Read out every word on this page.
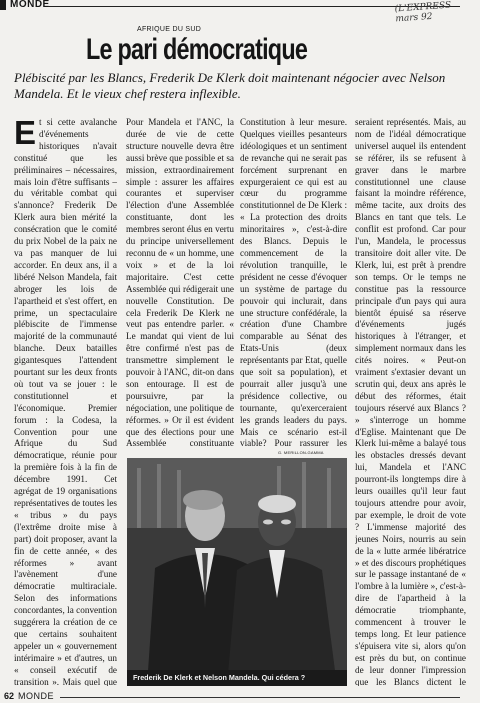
MONDE	(L'EXPRESS mars 92
AFRIQUE DU SUD
Le pari démocratique
Plébiscité par les Blancs, Frederik De Klerk doit maintenant négocier avec Nelson Mandela. Et le vieux chef restera inflexible.
Et si cette avalanche d'événements historiques n'avait constitué que les préliminaires – nécessaires, mais loin d'être suffisants – du véritable combat qui s'annonce? Frederik De Klerk aura bien mérité la consécration que le comité du prix Nobel de la paix ne va pas manquer de lui accorder. En deux ans, il a libéré Nelson Mandela, fait abroger les lois de l'apartheid et s'est offert, en prime, un spectaculaire plébiscite de l'immense majorité de la communauté blanche. Deux batailles gigantesques l'attendent pourtant sur les deux fronts où tout va se jouer : le constitutionnel et l'économique. Premier forum : la Codesa, la Convention pour une Afrique du Sud démocratique, réunie pour la première fois à la fin de décembre 1991. Cet agrégat de 19 organisations représentatives de toutes les « tribus » du pays (l'extrême droite mise à part) doit proposer, avant la fin de cette année, « des réformes » avant l'avènement d'une démocratie multiraciale. Selon des informations concordantes, la convention suggérera la création de ce que certains souhaitent appeler un « gouvernement intérimaire » et d'autres, un « conseil exécutif de transition ». Mais quel que
Pour Mandela et l'ANC, la durée de vie de cette structure nouvelle devra être aussi brève que possible et sa mission, extraordinairement simple : assurer les affaires courantes et superviser l'élection d'une Assemblée constituante, dont les membres seront élus en vertu du principe universellement reconnu de « un homme, une voix » et de la loi majoritaire. C'est cette Assemblée qui rédigerait une nouvelle Constitution. De cela Frederik De Klerk ne veut pas entendre parler. « Le mandat qui vient de lui être confirmé n'est pas de transmettre simplement le pouvoir à l'ANC, dit-on dans son entourage. Il est de poursuivre, par la négociation, une politique de réformes. » Or il est évident que des élections pour une Assemblée constituante
Constitution à leur mesure. Quelques vieilles pesanteurs idéologiques et un sentiment de revanche qui ne serait pas forcément surprenant en expurgeraient ce qui est au cœur du programme constitutionnel de De Klerk : « La protection des droits minoritaires », c'est-à-dire des Blancs. Depuis le commencement de la révolution tranquille, le président ne cesse d'évoquer un système de partage du pouvoir qui inclurait, dans une structure confédérale, la création d'une Chambre comparable au Sénat des Etats-Unis (deux représentants par Etat, quelle que soit sa population), et pourrait aller jusqu'à une présidence collective, ou tournante, qu'exerceraient les grands leaders du pays. Mais ce scénario est-il viable? Pour rassurer les
seraient représentés. Mais, au nom de l'idéal démocratique universel auquel ils entendent se référer, ils se refusent à graver dans le marbre constitutionnel une clause faisant la moindre référence, même tacite, aux droits des Blancs en tant que tels. Le conflit est profond. Car pour l'un, Mandela, le processus transitoire doit aller vite. De Klerk, lui, est prêt à prendre son temps. Or le temps ne constitue pas la ressource principale d'un pays qui aura bientôt épuisé sa réserve d'événements jugés historiques à l'étranger, et simplement normaux dans les cités noires. « Peut-on vraiment s'extasier devant un scrutin qui, deux ans après le début des réformes, était toujours réservé aux Blancs ? » s'interroge un homme d'Eglise. Maintenant que De Klerk lui-même a balayé tous les obstacles dressés devant lui, Mandela et l'ANC pourront-ils longtemps dire à leurs ouailles qu'il leur faut toujours attendre pour avoir, par exemple, le droit de vote ? L'immense majorité des jeunes Noirs, nourris au sein de la « lutte armée libératrice » et des discours prophétiques sur le passage instantané de « l'ombre à la lumière », c'est-à-dire de l'apartheid à la démocratie triomphante, commencent à trouver le temps long. Et leur patience s'épuisera vite si, alors qu'on est près du but, on continue de leur donner l'impression que les Blancs dictent le
G. MERILLON-GAMMA
Frederik De Klerk et Nelson Mandela. Qui cédera ?
62 MONDE
